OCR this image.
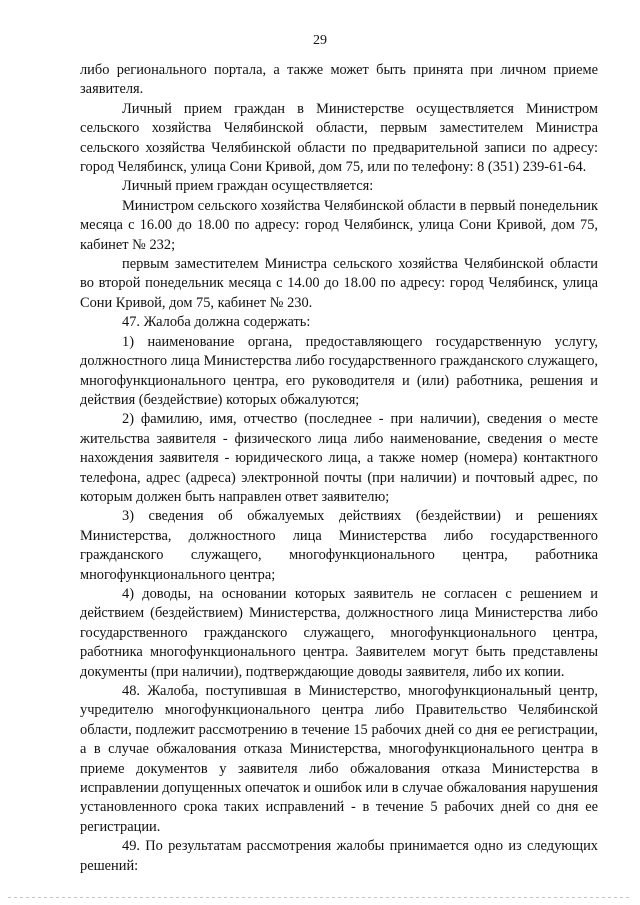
29

либо регионального портала, а также может быть принята при личном приеме заявителя.

Личный прием граждан в Министерстве осуществляется Министром сельского хозяйства Челябинской области, первым заместителем Министра сельского хозяйства Челябинской области по предварительной записи по адресу: город Челябинск, улица Сони Кривой, дом 75, или по телефону: 8 (351) 239-61-64.

Личный прием граждан осуществляется:

Министром сельского хозяйства Челябинской области в первый понедельник месяца с 16.00 до 18.00 по адресу: город Челябинск, улица Сони Кривой, дом 75, кабинет № 232;

первым заместителем Министра сельского хозяйства Челябинской области во второй понедельник месяца с 14.00 до 18.00 по адресу: город Челябинск, улица Сони Кривой, дом 75, кабинет № 230.

47. Жалоба должна содержать:

1) наименование органа, предоставляющего государственную услугу, должностного лица Министерства либо государственного гражданского служащего, многофункционального центра, его руководителя и (или) работника, решения и действия (бездействие) которых обжалуются;

2) фамилию, имя, отчество (последнее - при наличии), сведения о месте жительства заявителя - физического лица либо наименование, сведения о месте нахождения заявителя - юридического лица, а также номер (номера) контактного телефона, адрес (адреса) электронной почты (при наличии) и почтовый адрес, по которым должен быть направлен ответ заявителю;

3) сведения об обжалуемых действиях (бездействии) и решениях Министерства, должностного лица Министерства либо государственного гражданского служащего, многофункционального центра, работника многофункционального центра;

4) доводы, на основании которых заявитель не согласен с решением и действием (бездействием) Министерства, должностного лица Министерства либо государственного гражданского служащего, многофункционального центра, работника многофункционального центра. Заявителем могут быть представлены документы (при наличии), подтверждающие доводы заявителя, либо их копии.

48. Жалоба, поступившая в Министерство, многофункциональный центр, учредителю многофункционального центра либо Правительство Челябинской области, подлежит рассмотрению в течение 15 рабочих дней со дня ее регистрации, а в случае обжалования отказа Министерства, многофункционального центра в приеме документов у заявителя либо обжалования отказа Министерства в исправлении допущенных опечаток и ошибок или в случае обжалования нарушения установленного срока таких исправлений - в течение 5 рабочих дней со дня ее регистрации.

49. По результатам рассмотрения жалобы принимается одно из следующих решений:
